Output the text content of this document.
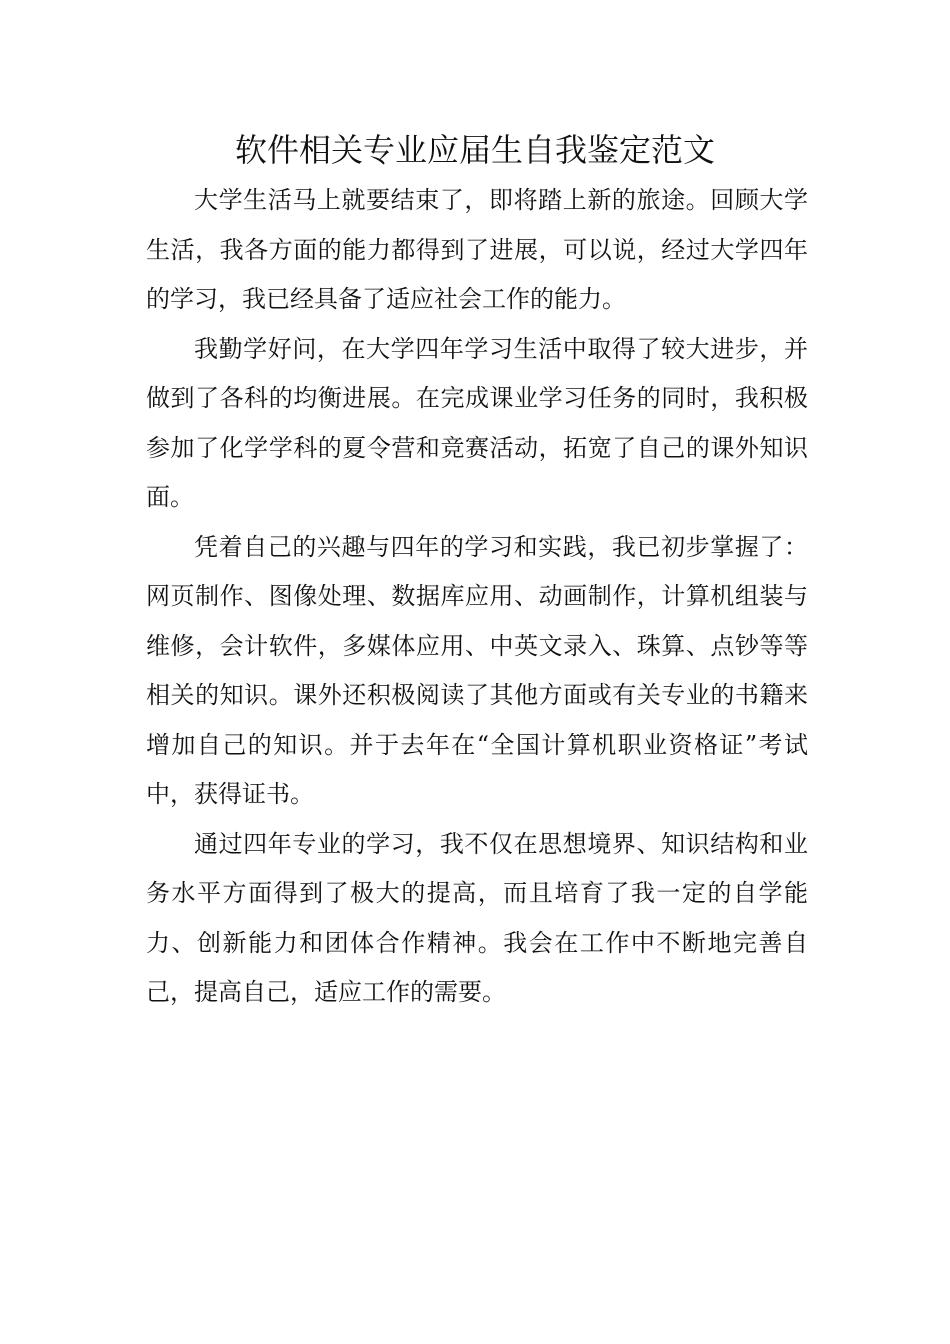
软件相关专业应届生自我鉴定范文

大学生活马上就要结束了，即将踏上新的旅途。回顾大学生活，我各方面的能力都得到了进展，可以说，经过大学四年的学习，我已经具备了适应社会工作的能力。

我勤学好问，在大学四年学习生活中取得了较大进步，并做到了各科的均衡进展。在完成课业学习任务的同时，我积极参加了化学学科的夏令营和竞赛活动，拓宽了自己的课外知识面。

凭着自己的兴趣与四年的学习和实践，我已初步掌握了：网页制作、图像处理、数据库应用、动画制作，计算机组装与维修，会计软件，多媒体应用、中英文录入、珠算、点钞等等相关的知识。课外还积极阅读了其他方面或有关专业的书籍来增加自己的知识。并于去年在“全国计算机职业资格证”考试中，获得证书。

通过四年专业的学习，我不仅在思想境界、知识结构和业务水平方面得到了极大的提高，而且培育了我一定的自学能力、创新能力和团体合作精神。我会在工作中不断地完善自己，提高自己，适应工作的需要。
